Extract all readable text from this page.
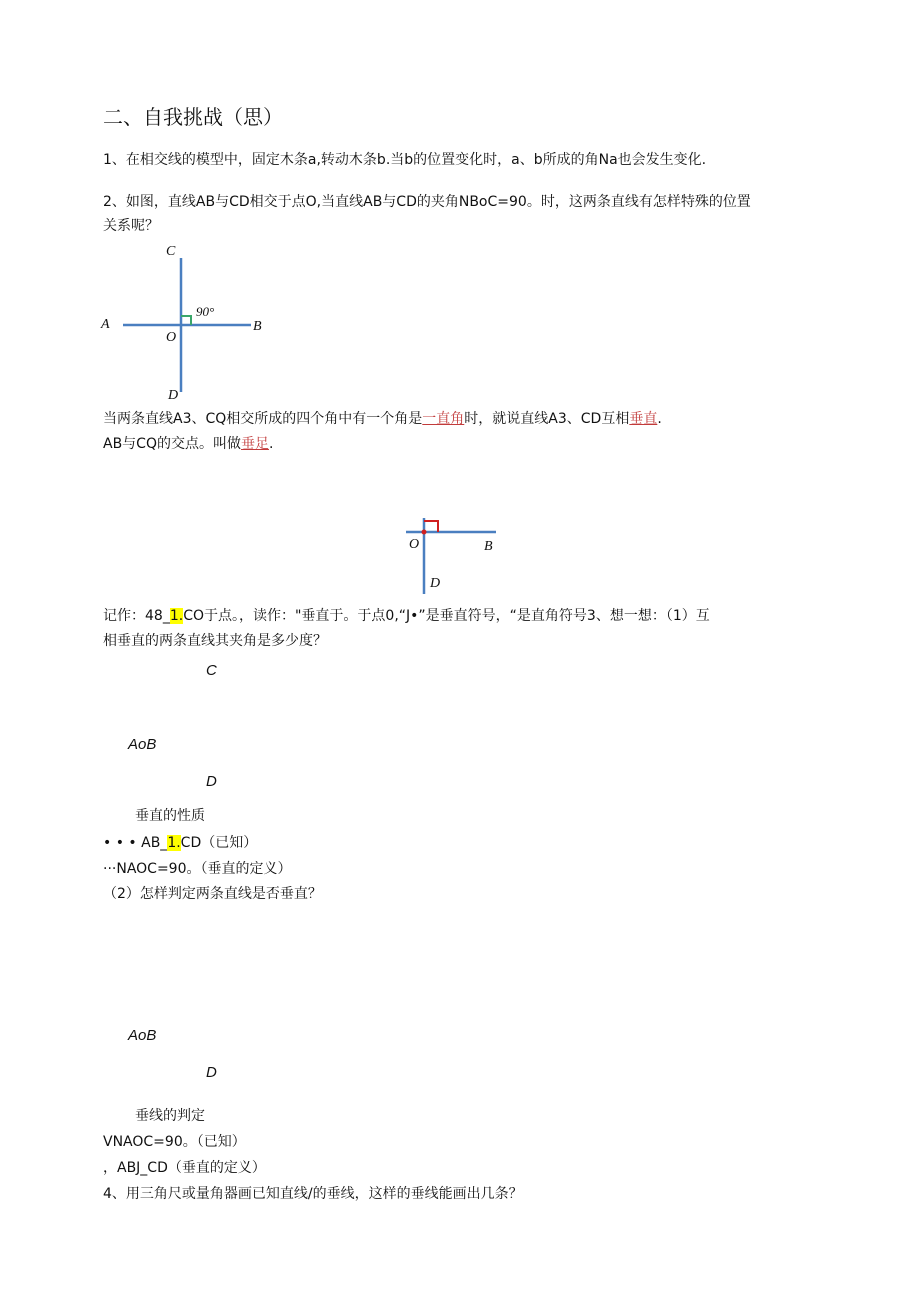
二、自我挑战（思）
1、在相交线的模型中，固定木条a,转动木条b.当b的位置变化时，a、b所成的角Na也会发生变化.
2、如图，直线AB与CD相交于点O,当直线AB与CD的夹角NBoC=90。时，这两条直线有怎样特殊的位置
关系呢？
C
A	B
O
D
90°
当两条直线A3、CQ相交所成的四个角中有一个角是一直角时，就说直线A3、CD互相垂直.
AB与CQ的交点。叫做垂足.
O	B
D
记作：48_1.CO于点。，读作："垂直于。于点0,“J•”是垂直符号，“是直角符号3、想一想：（1）互
相垂直的两条直线其夹角是多少度？
C
AoB
D
垂直的性质
• • • AB_1.CD（已知）
···NAOC=90。（垂直的定义）
（2）怎样判定两条直线是否垂直？
AoB
D
垂线的判定
VNAOC=90。（已知）
，ABJ_CD（垂直的定义）
4、用三角尺或量角器画已知直线/的垂线，这样的垂线能画出几条？
